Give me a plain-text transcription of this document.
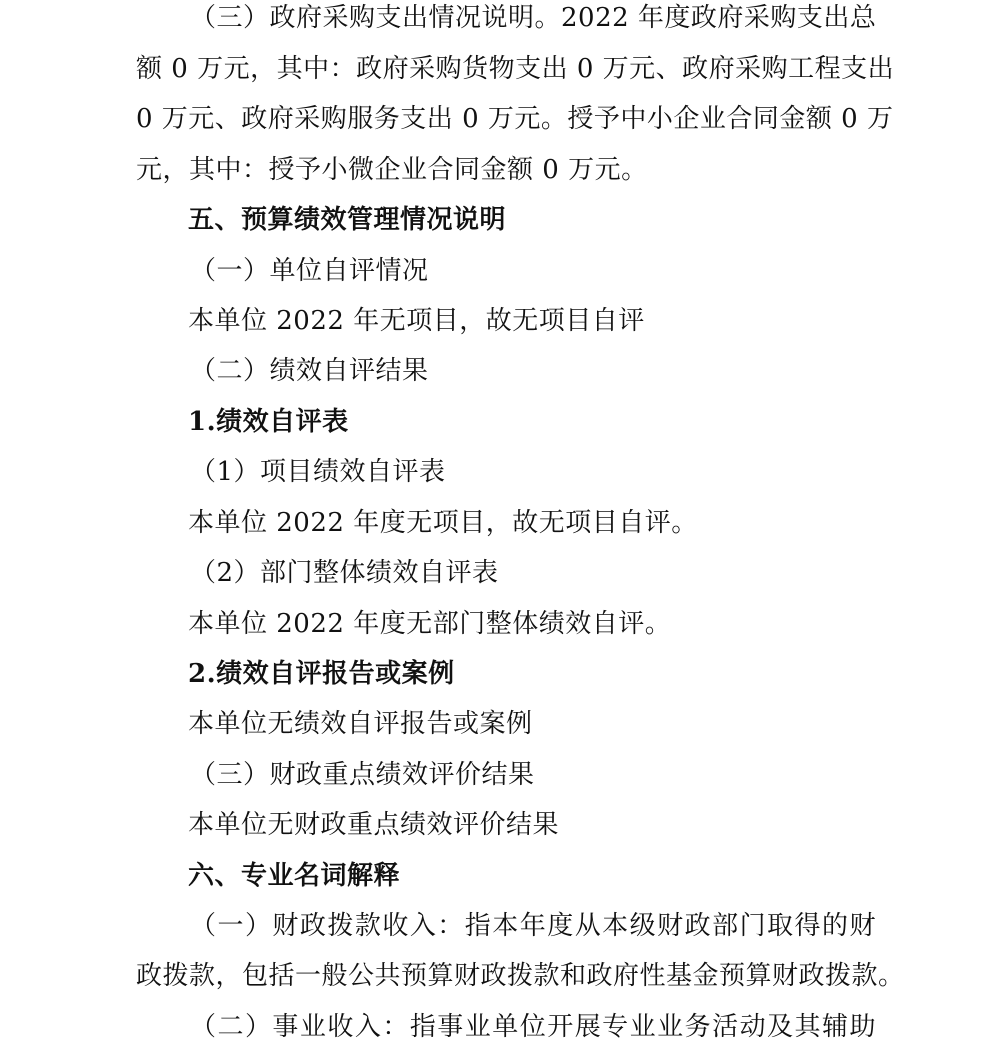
（三）政府采购支出情况说明。2022 年度政府采购支出总
额 0 万元，其中：政府采购货物支出 0 万元、政府采购工程支出
0 万元、政府采购服务支出 0 万元。授予中小企业合同金额 0 万
元，其中：授予小微企业合同金额 0 万元。
五、预算绩效管理情况说明
（一）单位自评情况
本单位 2022 年无项目，故无项目自评
（二）绩效自评结果
1.绩效自评表
（1）项目绩效自评表
本单位 2022 年度无项目，故无项目自评。
（2）部门整体绩效自评表
本单位 2022 年度无部门整体绩效自评。
2.绩效自评报告或案例
本单位无绩效自评报告或案例
（三）财政重点绩效评价结果
本单位无财政重点绩效评价结果
六、专业名词解释
（一）财政拨款收入：指本年度从本级财政部门取得的财
政拨款，包括一般公共预算财政拨款和政府性基金预算财政拨款。
（二）事业收入：指事业单位开展专业业务活动及其辅助
